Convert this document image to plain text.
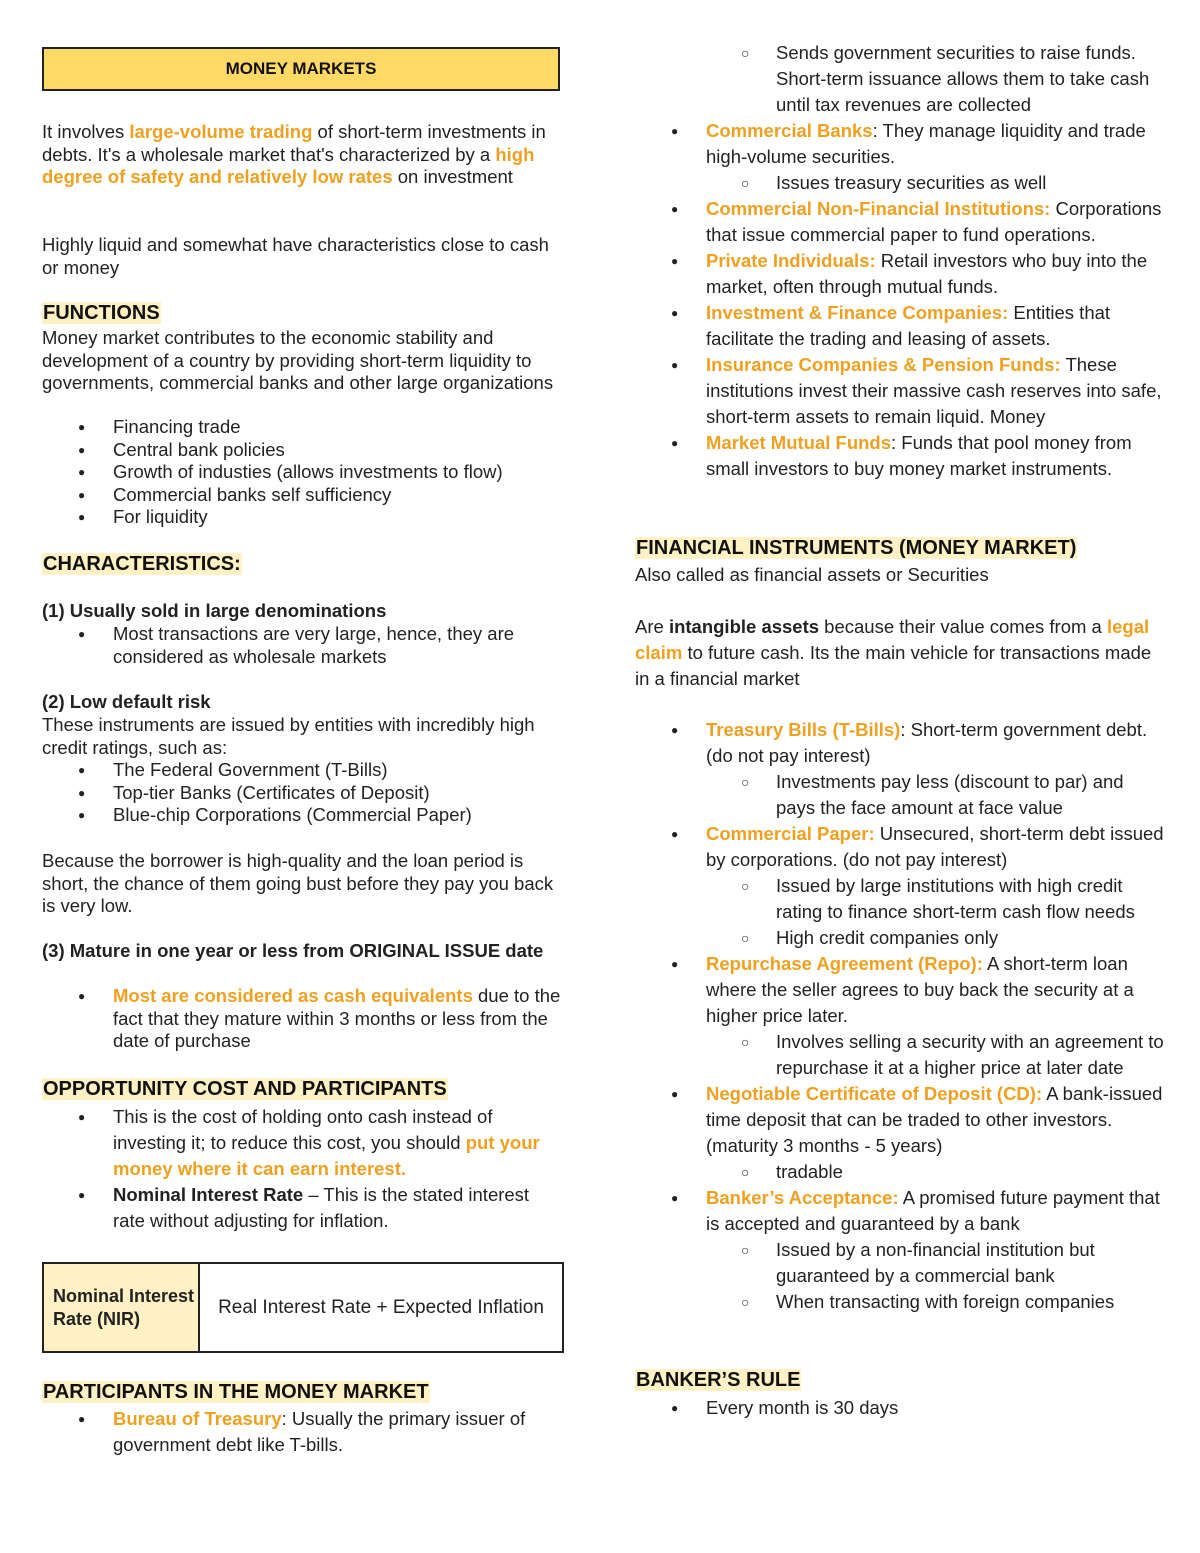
MONEY MARKETS
It involves large-volume trading of short-term investments in debts. It's a wholesale market that's characterized by a high degree of safety and relatively low rates on investment
Highly liquid and somewhat have characteristics close to cash or money
FUNCTIONS
Money market contributes to the economic stability and development of a country by providing short-term liquidity to governments, commercial banks and other large organizations
● Financing trade
● Central bank policies
● Growth of industies (allows investments to flow)
● Commercial banks self sufficiency
● For liquidity
CHARACTERISTICS:
(1) Usually sold in large denominations
● Most transactions are very large, hence, they are considered as wholesale markets
(2) Low default risk
These instruments are issued by entities with incredibly high credit ratings, such as:
● The Federal Government (T-Bills)
● Top-tier Banks (Certificates of Deposit)
● Blue-chip Corporations (Commercial Paper)
Because the borrower is high-quality and the loan period is short, the chance of them going bust before they pay you back is very low.
(3) Mature in one year or less from ORIGINAL ISSUE date
● Most are considered as cash equivalents due to the fact that they mature within 3 months or less from the date of purchase
OPPORTUNITY COST AND PARTICIPANTS
● This is the cost of holding onto cash instead of investing it; to reduce this cost, you should put your money where it can earn interest.
● Nominal Interest Rate – This is the stated interest rate without adjusting for inflation.
Nominal Interest Rate (NIR)	Real Interest Rate + Expected Inflation
PARTICIPANTS IN THE MONEY MARKET
● Bureau of Treasury: Usually the primary issuer of government debt like T-bills.
○ Sends government securities to raise funds. Short-term issuance allows them to take cash until tax revenues are collected
● Commercial Banks: They manage liquidity and trade high-volume securities.
○ Issues treasury securities as well
● Commercial Non-Financial Institutions: Corporations that issue commercial paper to fund operations.
● Private Individuals: Retail investors who buy into the market, often through mutual funds.
● Investment & Finance Companies: Entities that facilitate the trading and leasing of assets.
● Insurance Companies & Pension Funds: These institutions invest their massive cash reserves into safe, short-term assets to remain liquid. Money
● Market Mutual Funds: Funds that pool money from small investors to buy money market instruments.
FINANCIAL INSTRUMENTS (MONEY MARKET)
Also called as financial assets or Securities
Are intangible assets because their value comes from a legal claim to future cash. Its the main vehicle for transactions made in a financial market
● Treasury Bills (T-Bills): Short-term government debt. (do not pay interest)
○ Investments pay less (discount to par) and pays the face amount at face value
● Commercial Paper: Unsecured, short-term debt issued by corporations. (do not pay interest)
○ Issued by large institutions with high credit rating to finance short-term cash flow needs
○ High credit companies only
● Repurchase Agreement (Repo): A short-term loan where the seller agrees to buy back the security at a higher price later.
○ Involves selling a security with an agreement to repurchase it at a higher price at later date
● Negotiable Certificate of Deposit (CD): A bank-issued time deposit that can be traded to other investors. (maturity 3 months - 5 years)
○ tradable
● Banker’s Acceptance: A promised future payment that is accepted and guaranteed by a bank
○ Issued by a non-financial institution but guaranteed by a commercial bank
○ When transacting with foreign companies
BANKER’S RULE
● Every month is 30 days
